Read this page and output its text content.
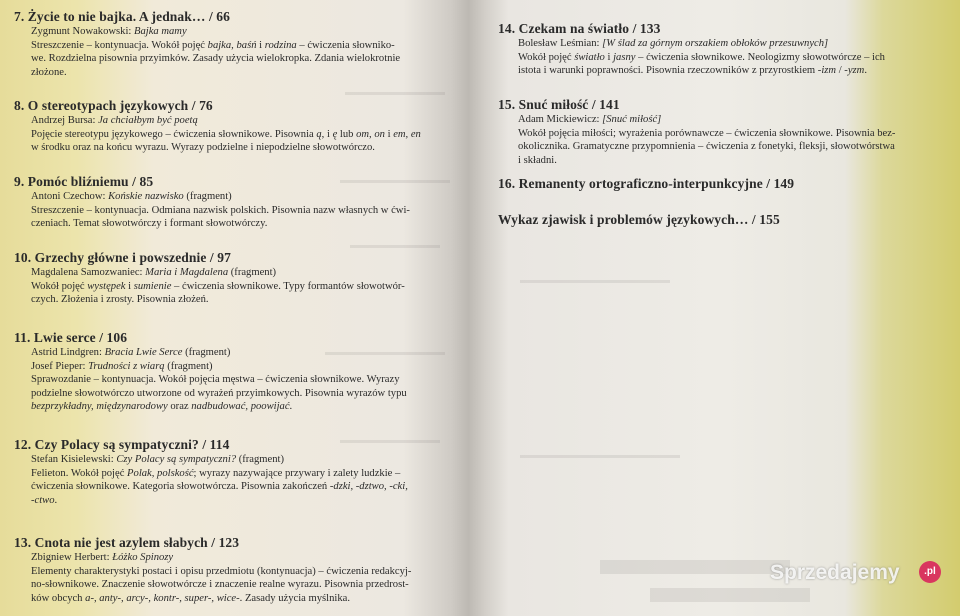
7. Życie to nie bajka. A jednak… / 66
Zygmunt Nowakowski: Bajka mamy
Streszczenie – kontynuacja. Wokół pojęć bajka, baśń i rodzina – ćwiczenia słowniko-
we. Rozdzielna pisownia przyimków. Zasady użycia wielokropka. Zdania wielokrotnie
złożone.
8. O stereotypach językowych / 76
Andrzej Bursa: Ja chciałbym być poetą
Pojęcie stereotypu językowego – ćwiczenia słownikowe. Pisownia ą, i ę lub om, on i em, en
w środku oraz na końcu wyrazu. Wyrazy podzielne i niepodzielne słowotwórczo.
9. Pomóc bliźniemu / 85
Antoni Czechow: Końskie nazwisko (fragment)
Streszczenie – kontynuacja. Odmiana nazwisk polskich. Pisownia nazw własnych w ćwi-
czeniach. Temat słowotwórczy i formant słowotwórczy.
10. Grzechy główne i powszednie / 97
Magdalena Samozwaniec: Maria i Magdalena (fragment)
Wokół pojęć występek i sumienie – ćwiczenia słownikowe. Typy formantów słowotwór-
czych. Złożenia i zrosty. Pisownia złożeń.
11. Lwie serce / 106
Astrid Lindgren: Bracia Lwie Serce (fragment)
Josef Pieper: Trudności z wiarą (fragment)
Sprawozdanie – kontynuacja. Wokół pojęcia męstwa – ćwiczenia słownikowe. Wyrazy
podzielne słowotwórczo utworzone od wyrażeń przyimkowych. Pisownia wyrazów typu
bezprzykładny, międzynarodowy oraz nadbudować, poowijać.
12. Czy Polacy są sympatyczni? / 114
Stefan Kisielewski: Czy Polacy są sympatyczni? (fragment)
Felieton. Wokół pojęć Polak, polskość; wyrazy nazywające przywary i zalety ludzkie –
ćwiczenia słownikowe. Kategoria słowotwórcza. Pisownia zakończeń -dzki, -dztwo, -cki,
-ctwo.
13. Cnota nie jest azylem słabych / 123
Zbigniew Herbert: Łóżko Spinozy
Elementy charakterystyki postaci i opisu przedmiotu (kontynuacja) – ćwiczenia redakcyj-
no-słownikowe. Znaczenie słowotwórcze i znaczenie realne wyrazu. Pisownia przedrost-
ków obcych a-, anty-, arcy-, kontr-, super-, wice-. Zasady użycia myślnika.
14. Czekam na światło / 133
Bolesław Leśmian: [W ślad za górnym orszakiem obłoków przesuwnych]
Wokół pojęć światło i jasny – ćwiczenia słownikowe. Neologizmy słowotwórcze – ich
istota i warunki poprawności. Pisownia rzeczowników z przyrostkiem -izm / -yzm.
15. Snuć miłość / 141
Adam Mickiewicz: [Snuć miłość]
Wokół pojęcia miłości; wyrażenia porównawcze – ćwiczenia słownikowe. Pisownia bez-
okolicznika. Gramatyczne przypomnienia – ćwiczenia z fonetyki, fleksji, słowotwórstwa
i składni.
16. Remanenty ortograficzno-interpunkcyjne / 149
Wykaz zjawisk i problemów językowych… / 155
Sprzedajemy	.pl
